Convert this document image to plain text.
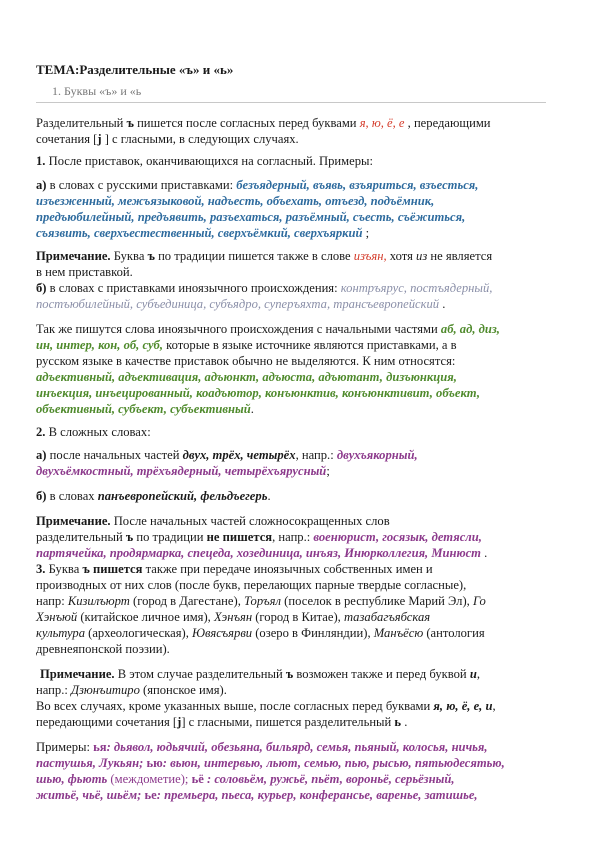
ТЕМА:Разделительные «ъ» и «ь»
1. Буквы «ъ» и «ь
Разделительный ъ пишется после согласных перед буквами я, ю, ё, е , передающими
сочетания [j ] с гласными, в следующих случаях.
1. После приставок, оканчивающихся на согласный. Примеры:
а) в словах с русскими приставками: безъядерный, въявь, взъяриться, взъесться,
изъезженный, межъязыковой, надъесть, объехать, отъезд, подъёмник,
предъюбилейный, предъявить, разъехаться, разъёмный, съесть, съёжиться,
съязвить, сверхъестественный, сверхъёмкий, сверхъяркий ;
Примечание. Буква ъ по традиции пишется также в слове изъян, хотя из не является
в нем приставкой.
б) в словах с приставками иноязычного происхождения: контръярус, постъядерный,
постъюбилейный, субъединица, субъядро, суперъяхта, трансъевропейский .
Так же пишутся слова иноязычного происхождения с начальными частями аб, ад, диз,
ин, интер, кон, об, суб, которые в языке источнике являются приставками, а в
русском языке в качестве приставок обычно не выделяются. К ним относятся:
адъективный, адъективация, адъюнкт, адъюста, адъютант, дизъюнкция,
инъекция, инъецированный, коадъютор, конъюнктив, конъюнктивит, объект,
объективный, субъект, субъективный.
2. В сложных словах:
а) после начальных частей двух, трёх, четырёх, напр.: двухъякорный,
двухъёмкостный, трёхъядерный, четырёхъярусный;
б) в словах панъевропейский, фельдъегерь.
Примечание. После начальных частей сложносокращенных слов
разделительный ъ по традиции не пишется, напр.: военюрист, госязык, детясли,
партячейка, продярмарка, спецеда, хозединица, инъяз, Инюрколлегия, Минюст .
3. Буква ъ пишется также при передаче иноязычных собственных имен и
производных от них слов (после букв, перелающих парные твердые согласные),
напр: Кизилъюрт (город в Дагестане), Торъял (поселок в республике Марий Эл), Го
Хэнъюй (китайское личное имя), Хэнъян (город в Китае), тазабагъябская
культура (археологическая), Ювясъярви (озеро в Финляндии), Манъёсю (антология
древнеяпонской поэзии).
Примечание. В этом случае разделительный ъ возможен также и перед буквой и,
напр.: Дзюнъитиро (японское имя).
Во всех случаях, кроме указанных выше, после согласных перед буквами я, ю, ё, е, и,
передающими сочетания [j] с гласными, пишется разделительный ь .
Примеры: ья: дьявол, юдьячий, обезьяна, бильярд, семья, пьяный, колосья, ничья,
пастушья, Лукьян; ью: вьюн, интервью, льют, семью, пью, рысью, пятьюдесятью,
шью, фьють (междометие); ьё : соловьём, ружьё, пьёт, вороньё, серьёзный,
житьё, чьё, шьём; ье: премьера, пьеса, курьер, конферансье, варенье, затишье,
